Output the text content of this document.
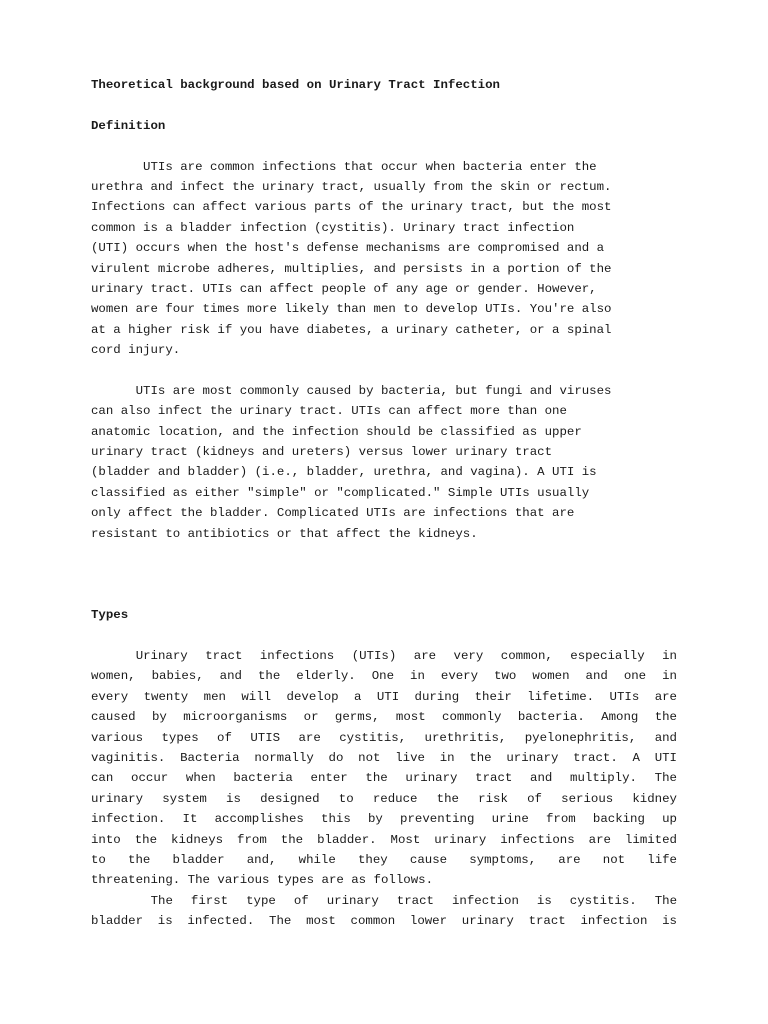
Theoretical background based on Urinary Tract Infection

Definition

UTIs are common infections that occur when bacteria enter the

urethra and infect the urinary tract, usually from the skin or rectum.

Infections can affect various parts of the urinary tract, but the most

common is a bladder infection (cystitis). Urinary tract infection

(UTI) occurs when the host's defense mechanisms are compromised and a

virulent microbe adheres, multiplies, and persists in a portion of the

urinary tract. UTIs can affect people of any age or gender. However,

women are four times more likely than men to develop UTIs. You're also

at a higher risk if you have diabetes, a urinary catheter, or a spinal

cord injury.

UTIs are most commonly caused by bacteria, but fungi and viruses

can also infect the urinary tract. UTIs can affect more than one

anatomic location, and the infection should be classified as upper

urinary tract (kidneys and ureters) versus lower urinary tract

(bladder and bladder) (i.e., bladder, urethra, and vagina). A UTI is

classified as either "simple" or "complicated." Simple UTIs usually

only affect the bladder. Complicated UTIs are infections that are

resistant to antibiotics or that affect the kidneys.

Types

Urinary tract infections (UTIs) are very common, especially in

women, babies, and the elderly. One in every two women and one in

every twenty men will develop a UTI during their lifetime. UTIs are

caused by microorganisms or germs, most commonly bacteria. Among the

various types of UTIS are cystitis, urethritis, pyelonephritis, and

vaginitis. Bacteria normally do not live in the urinary tract. A UTI

can occur when bacteria enter the urinary tract and multiply. The

urinary system is designed to reduce the risk of serious kidney

infection. It accomplishes this by preventing urine from backing up

into the kidneys from the bladder. Most urinary infections are limited

to the bladder and, while they cause symptoms, are not life

threatening. The various types are as follows.

The first type of urinary tract infection is cystitis. The

bladder is infected. The most common lower urinary tract infection is
